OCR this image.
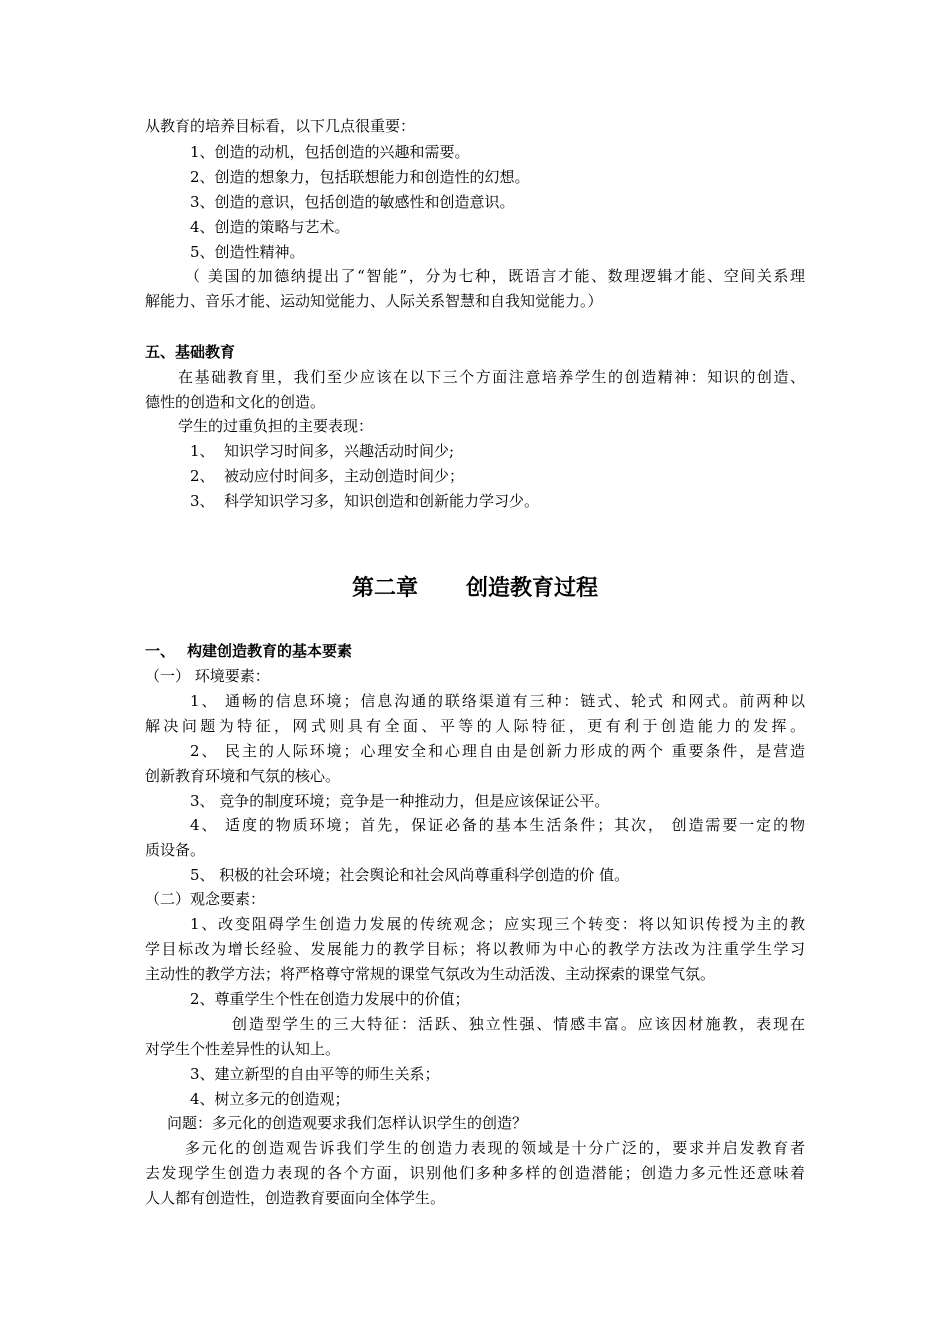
从教育的培养目标看，以下几点很重要：
1、创造的动机，包括创造的兴趣和需要。
2、创造的想象力，包括联想能力和创造性的幻想。
3、创造的意识，包括创造的敏感性和创造意识。
4、创造的策略与艺术。
5、创造性精神。
（ 美国的加德纳提出了“智能”，分为七种，既语言才能、数理逻辑才能、空间关系理
解能力、音乐才能、运动知觉能力、人际关系智慧和自我知觉能力。）
五、基础教育
在基础教育里，我们至少应该在以下三个方面注意培养学生的创造精神：知识的创造、
德性的创造和文化的创造。
学生的过重负担的主要表现：
1、 知识学习时间多，兴趣活动时间少;
2、 被动应付时间多，主动创造时间少；
3、 科学知识学习多，知识创造和创新能力学习少。
第二章 创造教育过程
一、 构建创造教育的基本要素
（一） 环境要素：
1、 通畅的信息环境；信息沟通的联络渠道有三种：链式、轮式 和网式。前两种以
解决问题为特征，网式则具有全面、平等的人际特征，更有利于创造能力的发挥。
2、 民主的人际环境；心理安全和心理自由是创新力形成的两个 重要条件，是营造
创新教育环境和气氛的核心。
3、 竞争的制度环境；竞争是一种推动力，但是应该保证公平。
4、 适度的物质环境；首先，保证必备的基本生活条件；其次， 创造需要一定的物
质设备。
5、 积极的社会环境；社会舆论和社会风尚尊重科学创造的价 值。
（二）观念要素：
1、改变阻碍学生创造力发展的传统观念；应实现三个转变：将以知识传授为主的教
学目标改为增长经验、发展能力的教学目标；将以教师为中心的教学方法改为注重学生学习
主动性的教学方法；将严格尊守常规的课堂气氛改为生动活泼、主动探索的课堂气氛。
2、尊重学生个性在创造力发展中的价值；
创造型学生的三大特征：活跃、独立性强、情感丰富。应该因材施教，表现在
对学生个性差异性的认知上。
3、建立新型的自由平等的师生关系；
4、树立多元的创造观；
问题：多元化的创造观要求我们怎样认识学生的创造？
多元化的创造观告诉我们学生的创造力表现的领域是十分广泛的，要求并启发教育者
去发现学生创造力表现的各个方面，识别他们多种多样的创造潜能；创造力多元性还意味着
人人都有创造性，创造教育要面向全体学生。
